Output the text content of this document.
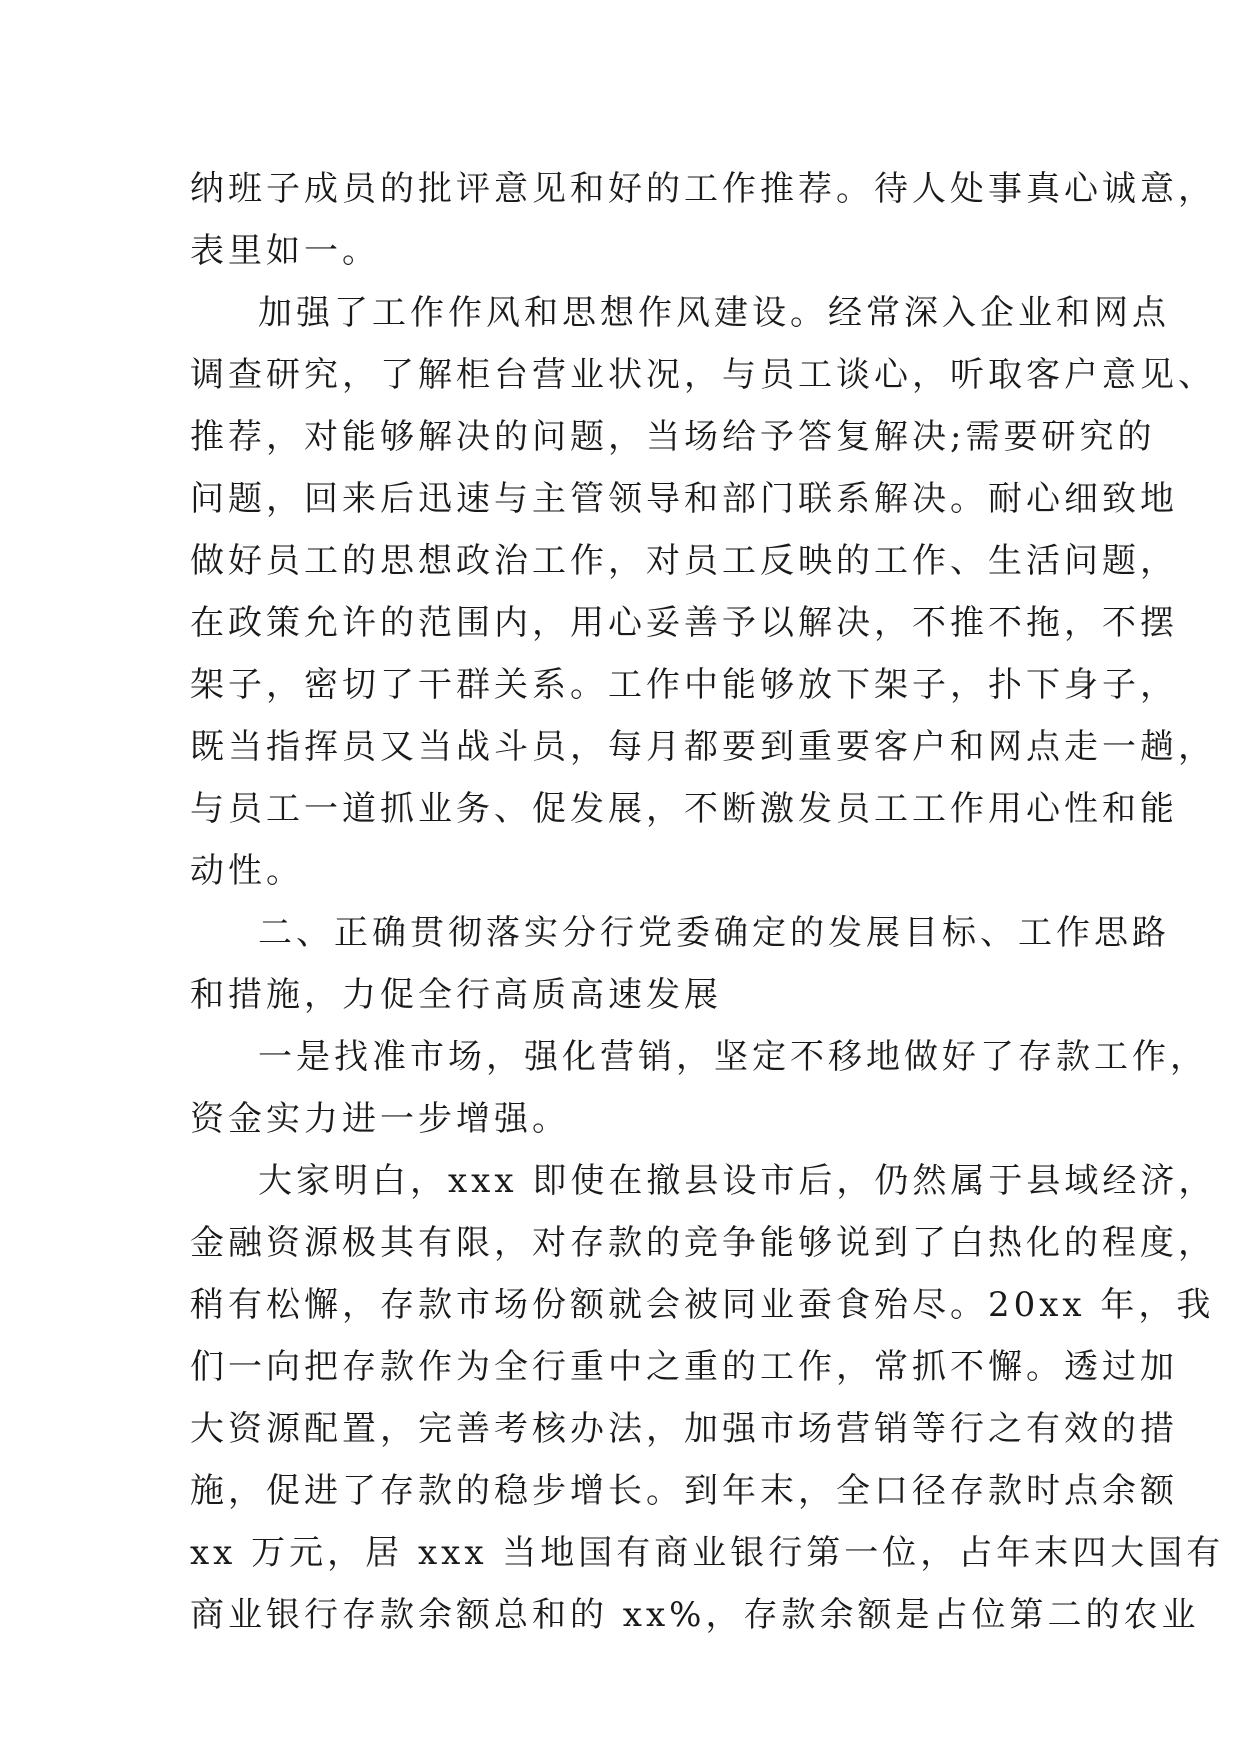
纳班子成员的批评意见和好的工作推荐。待人处事真心诚意，
表里如一。
加强了工作作风和思想作风建设。经常深入企业和网点
调查研究，了解柜台营业状况，与员工谈心，听取客户意见、
推荐，对能够解决的问题，当场给予答复解决;需要研究的
问题，回来后迅速与主管领导和部门联系解决。耐心细致地
做好员工的思想政治工作，对员工反映的工作、生活问题，
在政策允许的范围内，用心妥善予以解决，不推不拖，不摆
架子，密切了干群关系。工作中能够放下架子，扑下身子，
既当指挥员又当战斗员，每月都要到重要客户和网点走一趟，
与员工一道抓业务、促发展，不断激发员工工作用心性和能
动性。
二、正确贯彻落实分行党委确定的发展目标、工作思路
和措施，力促全行高质高速发展
一是找准市场，强化营销，坚定不移地做好了存款工作，
资金实力进一步增强。
大家明白，xxx 即使在撤县设市后，仍然属于县域经济，
金融资源极其有限，对存款的竞争能够说到了白热化的程度，
稍有松懈，存款市场份额就会被同业蚕食殆尽。20xx 年，我
们一向把存款作为全行重中之重的工作，常抓不懈。透过加
大资源配置，完善考核办法，加强市场营销等行之有效的措
施，促进了存款的稳步增长。到年末，全口径存款时点余额
xx 万元，居 xxx 当地国有商业银行第一位，占年末四大国有
商业银行存款余额总和的 xx%，存款余额是占位第二的农业
